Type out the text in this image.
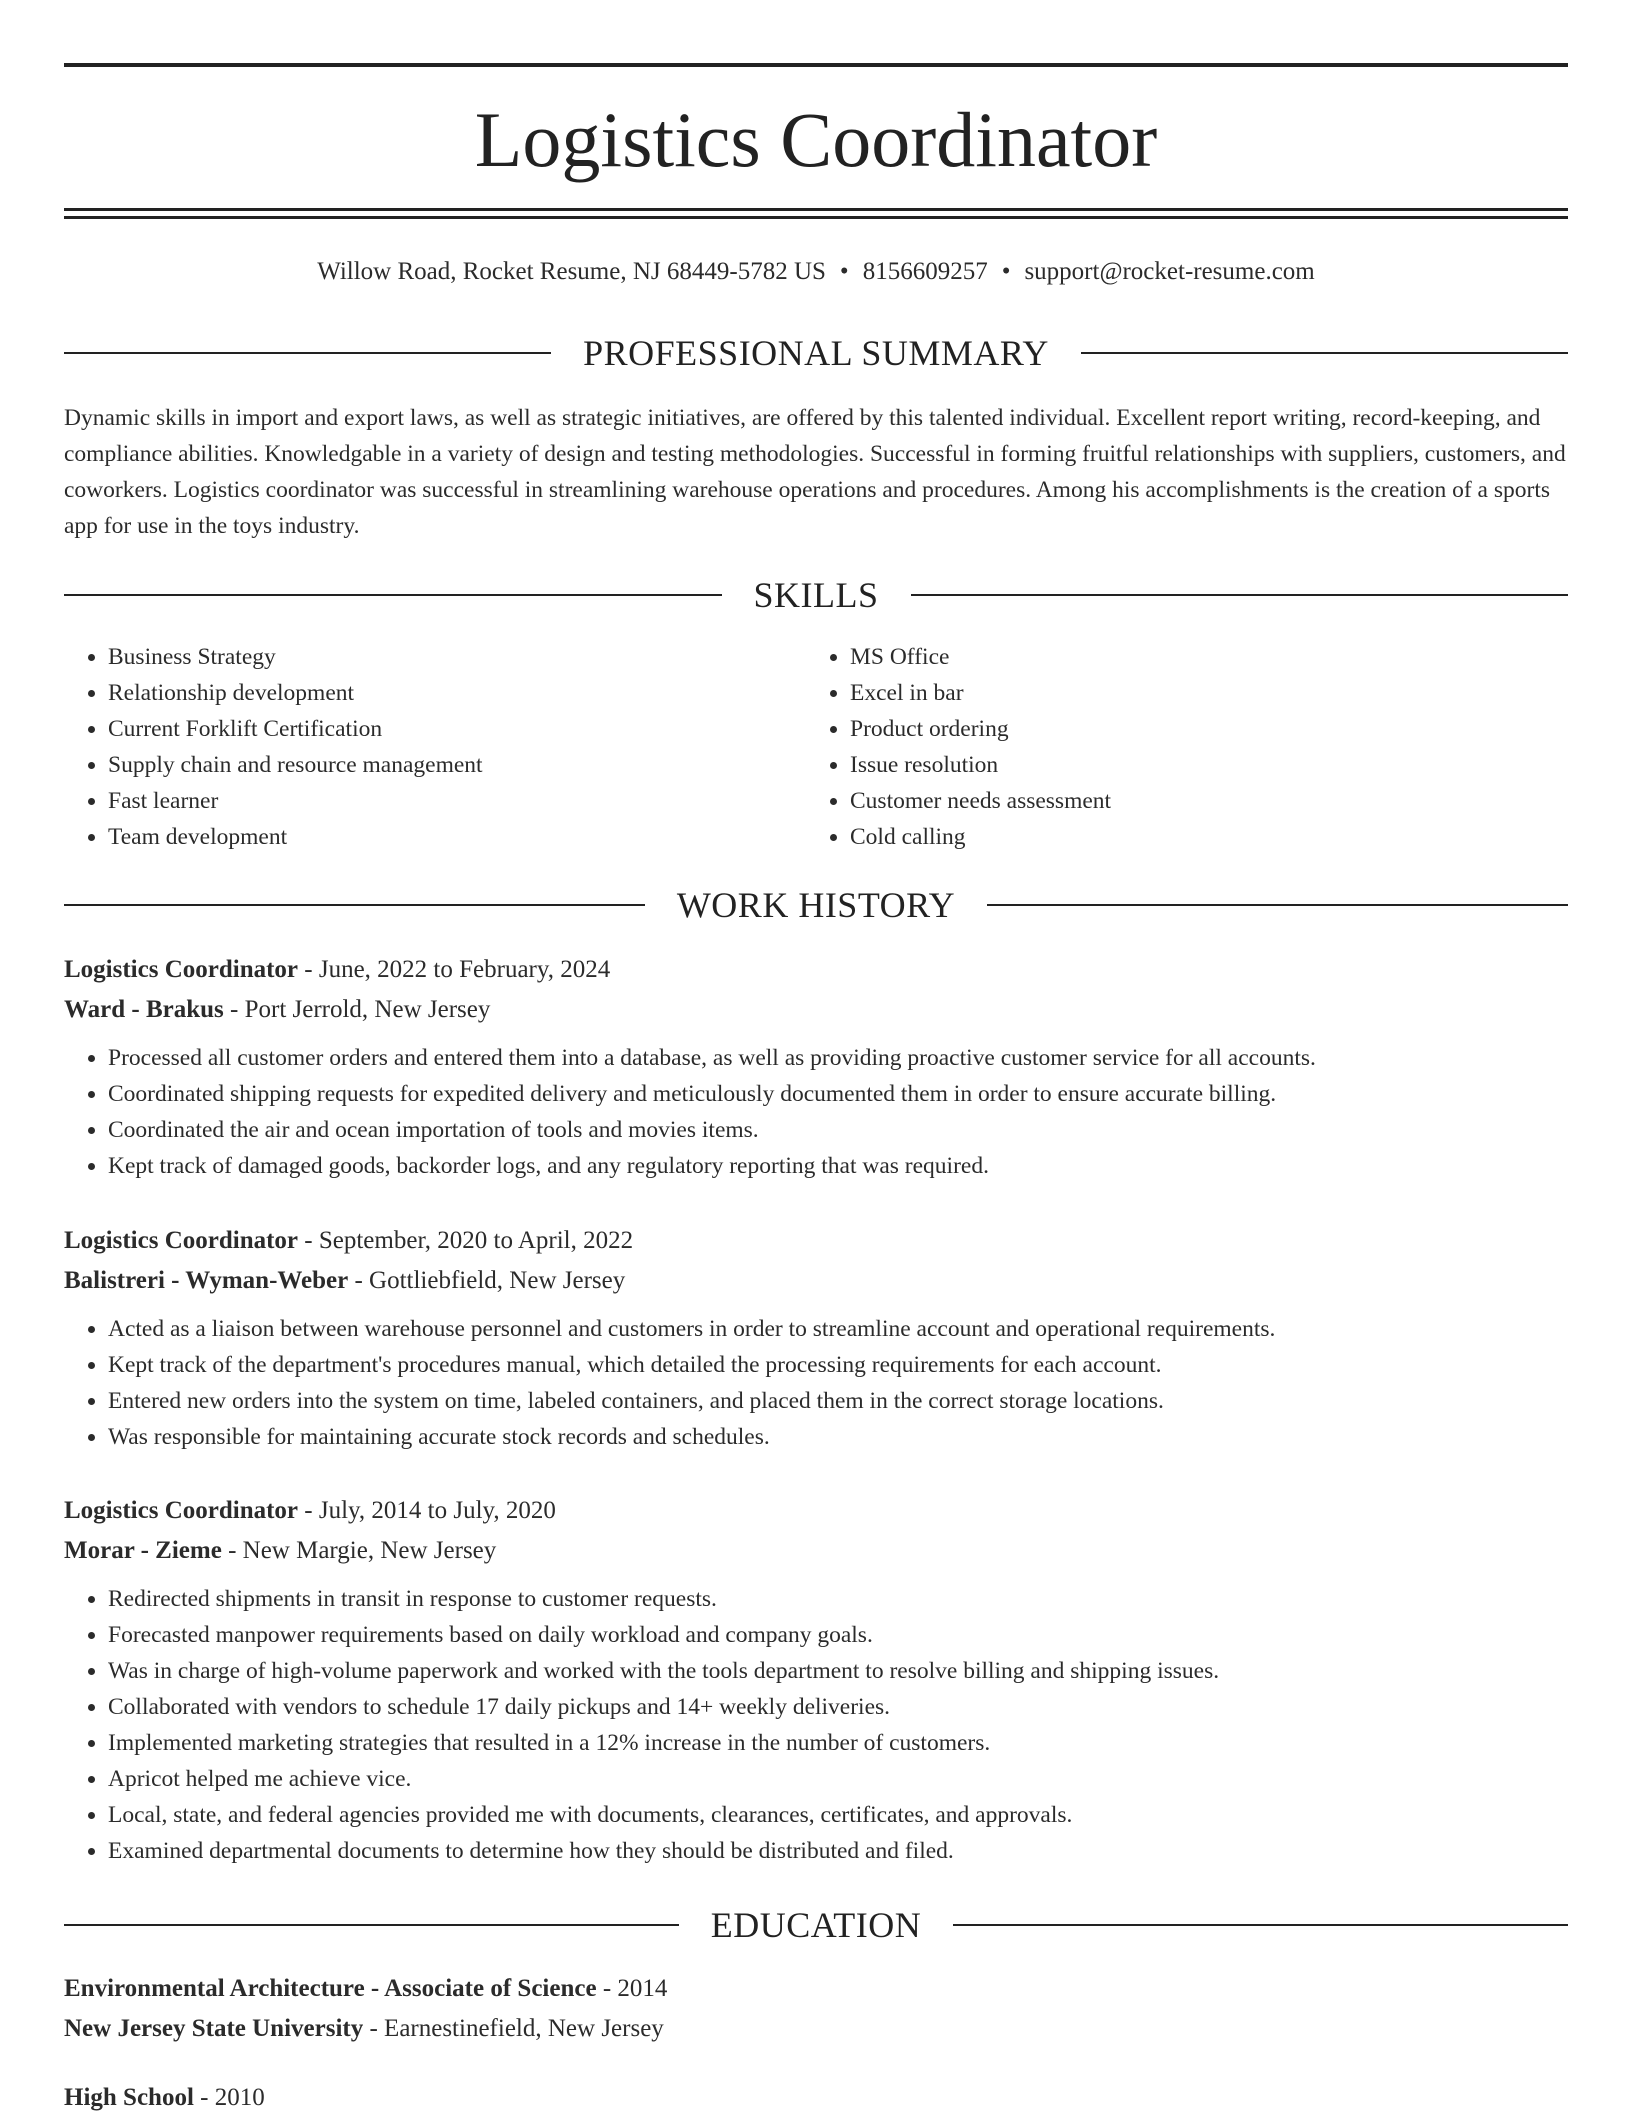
Logistics Coordinator
Willow Road, Rocket Resume, NJ 68449-5782 US • 8156609257 • support@rocket-resume.com
PROFESSIONAL SUMMARY

Dynamic skills in import and export laws, as well as strategic initiatives, are offered by this talented individual. Excellent report writing, record-keeping, and compliance abilities. Knowledgable in a variety of design and testing methodologies. Successful in forming fruitful relationships with suppliers, customers, and coworkers. Logistics coordinator was successful in streamlining warehouse operations and procedures. Among his accomplishments is the creation of a sports app for use in the toys industry.

SKILLS
• Business Strategy
• Relationship development
• Current Forklift Certification
• Supply chain and resource management
• Fast learner
• Team development
• MS Office
• Excel in bar
• Product ordering
• Issue resolution
• Customer needs assessment
• Cold calling
WORK HISTORY
Logistics Coordinator - June, 2022 to February, 2024
Ward - Brakus - Port Jerrold, New Jersey
• Processed all customer orders and entered them into a database, as well as providing proactive customer service for all accounts.
• Coordinated shipping requests for expedited delivery and meticulously documented them in order to ensure accurate billing.
• Coordinated the air and ocean importation of tools and movies items.
• Kept track of damaged goods, backorder logs, and any regulatory reporting that was required.
Logistics Coordinator - September, 2020 to April, 2022
Balistreri - Wyman-Weber - Gottliebfield, New Jersey
• Acted as a liaison between warehouse personnel and customers in order to streamline account and operational requirements.
• Kept track of the department's procedures manual, which detailed the processing requirements for each account.
• Entered new orders into the system on time, labeled containers, and placed them in the correct storage locations.
• Was responsible for maintaining accurate stock records and schedules.
Logistics Coordinator - July, 2014 to July, 2020
Morar - Zieme - New Margie, New Jersey
• Redirected shipments in transit in response to customer requests.
• Forecasted manpower requirements based on daily workload and company goals.
• Was in charge of high-volume paperwork and worked with the tools department to resolve billing and shipping issues.
• Collaborated with vendors to schedule 17 daily pickups and 14+ weekly deliveries.
• Implemented marketing strategies that resulted in a 12% increase in the number of customers.
• Apricot helped me achieve vice.
• Local, state, and federal agencies provided me with documents, clearances, certificates, and approvals.
• Examined departmental documents to determine how they should be distributed and filed.
EDUCATION
Environmental Architecture - Associate of Science - 2014
New Jersey State University - Earnestinefield, New Jersey
High School - 2010
